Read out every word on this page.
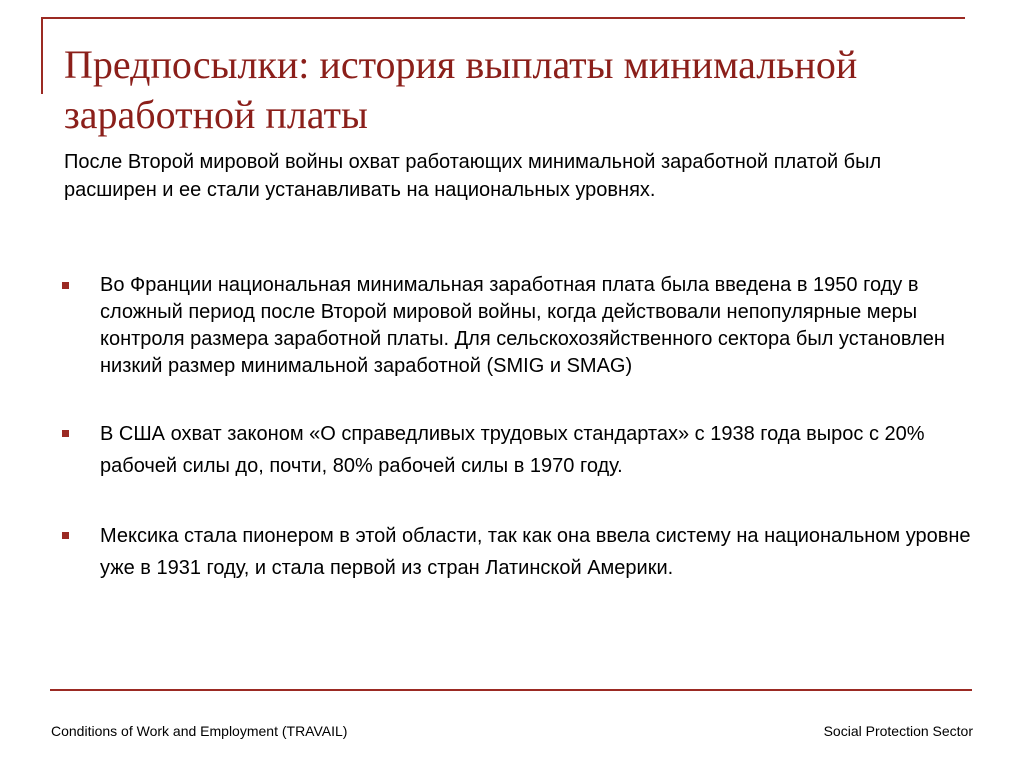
Предпосылки: история выплаты минимальной заработной платы

После Второй мировой войны охват работающих минимальной заработной платой был расширен и ее стали устанавливать на национальных уровнях.

Во Франции национальная минимальная заработная плата была введена в 1950 году в сложный период после Второй мировой войны, когда действовали непопулярные меры контроля размера заработной платы. Для сельскохозяйственного сектора был установлен низкий размер минимальной заработной (SMIG и SMAG)
В США охват законом «О справедливых трудовых стандартах» с 1938 года вырос с 20% рабочей силы до, почти, 80% рабочей силы в 1970 году.
Мексика стала пионером в этой области, так как она ввела систему на национальном уровне уже в 1931 году, и стала первой из стран Латинской Америки.
Conditions of Work and Employment (TRAVAIL)	Social Protection Sector
